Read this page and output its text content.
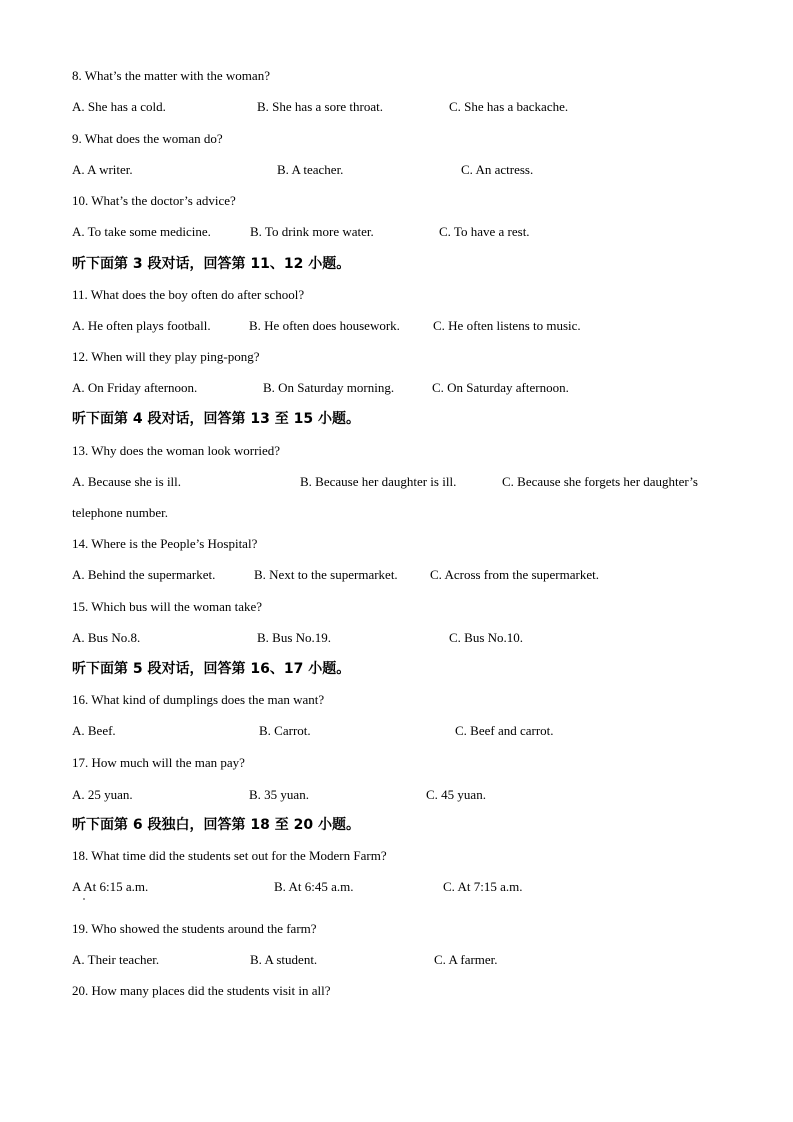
8. What’s the matter with the woman?
A. She has a cold.	B. She has a sore throat.	C. She has a backache.
9. What does the woman do?
A. A writer.	B. A teacher.	C. An actress.
10. What’s the doctor’s advice?
A. To take some medicine.	B. To drink more water.	C. To have a rest.
听下面第 3 段对话，回答第 11、12 小题。
11. What does the boy often do after school?
A. He often plays football.	B. He often does housework.	C. He often listens to music.
12. When will they play ping-pong?
A. On Friday afternoon.	B. On Saturday morning.	C. On Saturday afternoon.
听下面第 4 段对话，回答第 13 至 15 小题。
13. Why does the woman look worried?
A. Because she is ill.	B. Because her daughter is ill.	C. Because she forgets her daughter’s
telephone number.
14. Where is the People’s Hospital?
A. Behind the supermarket.	B. Next to the supermarket. C. Across from the supermarket.
15. Which bus will the woman take?
A. Bus No.8.	B. Bus No.19.	C. Bus No.10.
听下面第 5 段对话，回答第 16、17 小题。
16. What kind of dumplings does the man want?
A. Beef.	B. Carrot.	C. Beef and carrot.
17. How much will the man pay?
A. 25 yuan.	B. 35 yuan.	C. 45 yuan.
听下面第 6 段独白，回答第 18 至 20 小题。
18. What time did the students set out for the Modern Farm?
A At 6:15 a.m.	B. At 6:45 a.m.	C. At 7:15 a.m.
19. Who showed the students around the farm?
A. Their teacher.	B. A student.	C. A farmer.
20. How many places did the students visit in all?
